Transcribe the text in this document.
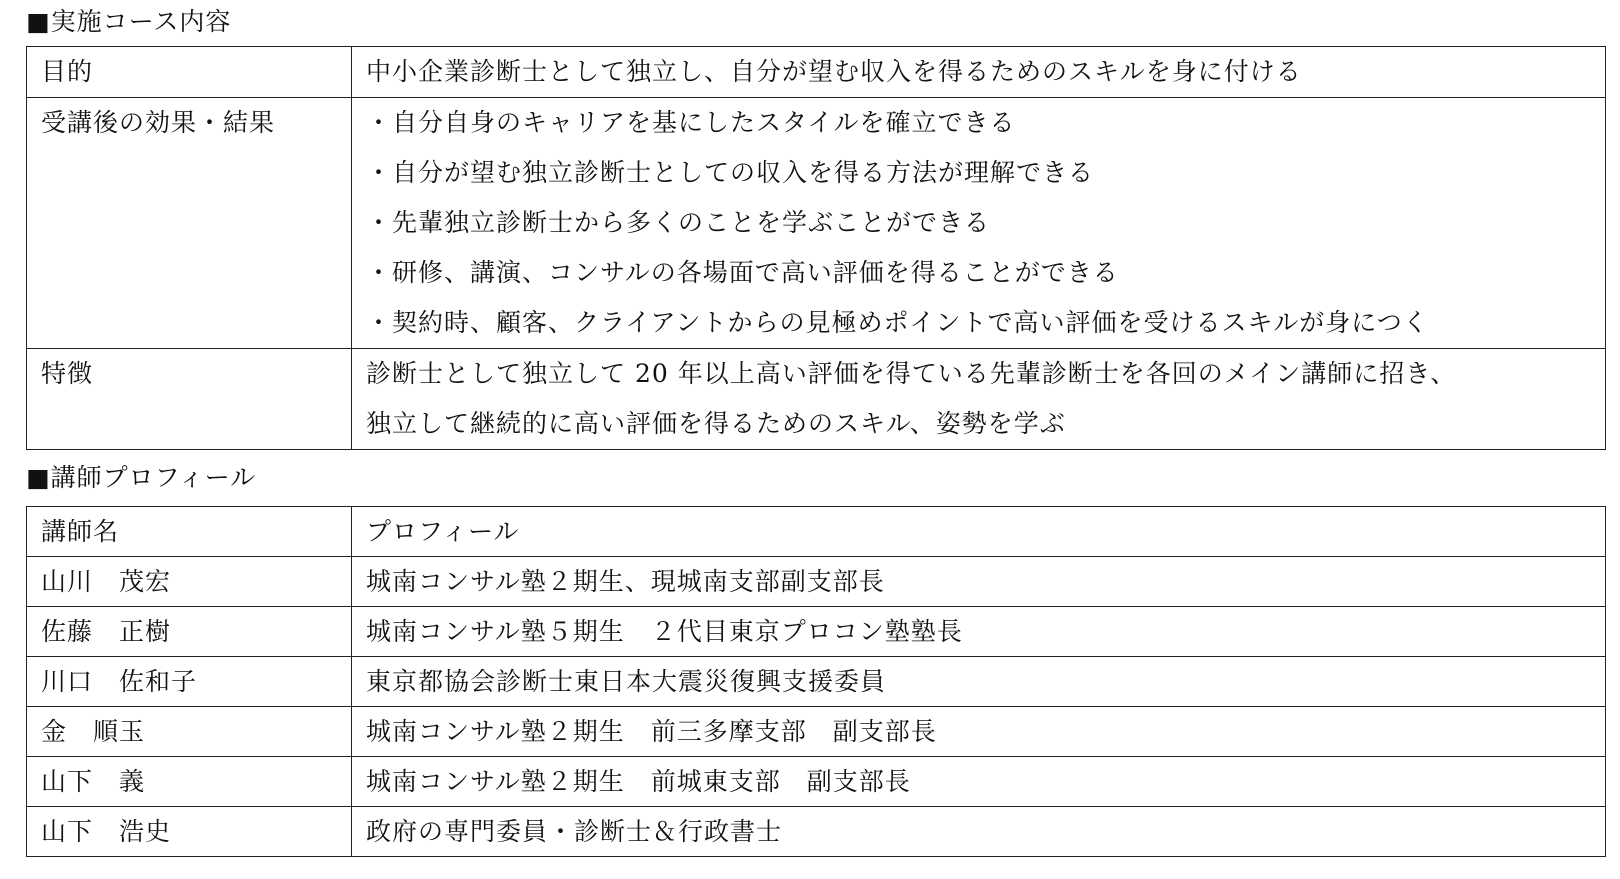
■実施コース内容
目的	中小企業診断士として独立し、自分が望む収入を得るためのスキルを身に付ける
受講後の効果・結果	・自分自身のキャリアを基にしたスタイルを確立できる
・自分が望む独立診断士としての収入を得る方法が理解できる
・先輩独立診断士から多くのことを学ぶことができる
・研修、講演、コンサルの各場面で高い評価を得ることができる
・契約時、顧客、クライアントからの見極めポイントで高い評価を受けるスキルが身につく

特徴	診断士として独立して 20 年以上高い評価を得ている先輩診断士を各回のメイン講師に招き、
独立して継続的に高い評価を得るためのスキル、姿勢を学ぶ
■講師プロフィール
講師名	プロフィール
山川　茂宏	城南コンサル塾２期生、現城南支部副支部長
佐藤　正樹	城南コンサル塾５期生　２代目東京プロコン塾塾長
川口　佐和子	東京都協会診断士東日本大震災復興支援委員
金　順玉	城南コンサル塾２期生　前三多摩支部　副支部長
山下　義	城南コンサル塾２期生　前城東支部　副支部長
山下　浩史	政府の専門委員・診断士＆行政書士
